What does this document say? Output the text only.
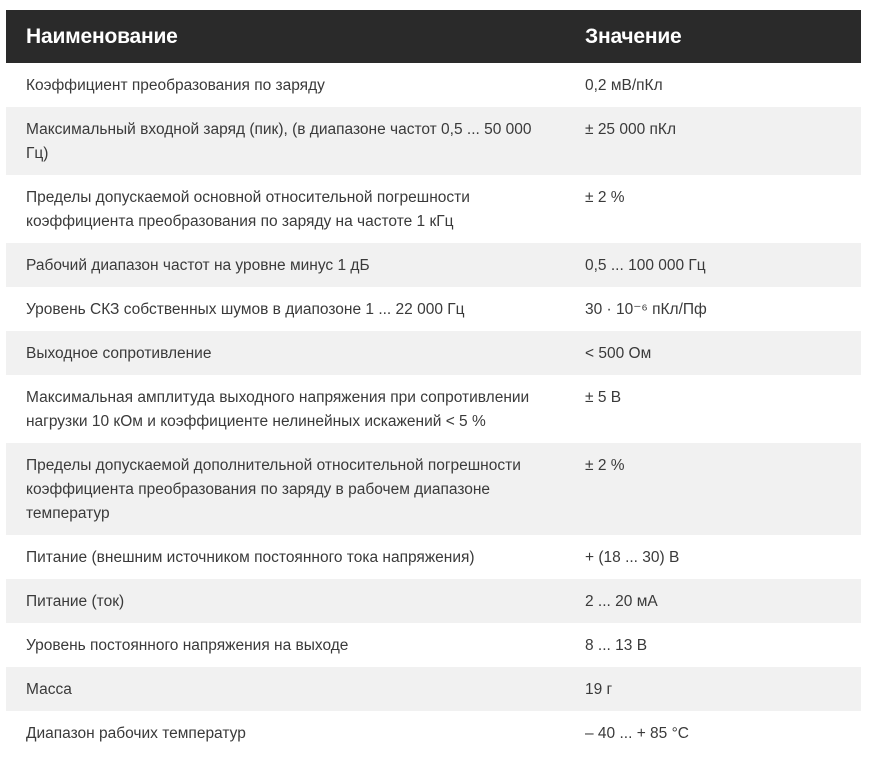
Наименование	Значение
Коэффициент преобразования по заряду	0,2 мВ/пКл
Максимальный входной заряд (пик), (в диапазоне частот 0,5 ... 50 000 Гц)	± 25 000 пКл
Пределы допускаемой основной относительной погрешности коэффициента преобразования по заряду на частоте 1 кГц	± 2 %
Рабочий диапазон частот на уровне минус 1 дБ	0,5 ... 100 000 Гц
Уровень СКЗ собственных шумов в диапозоне 1 ... 22 000 Гц	30 · 10⁻⁶ пКл/Пф
Выходное сопротивление	< 500 Ом
Максимальная амплитуда выходного напряжения при сопротивлении нагрузки 10 кОм и коэффициенте нелинейных искажений < 5 %	± 5 В
Пределы допускаемой дополнительной относительной погрешности коэффициента преобразования по заряду в рабочем диапазоне температур	± 2 %
Питание (внешним источником постоянного тока напряжения)	+ (18 ... 30) В
Питание (ток)	2 ... 20 мА
Уровень постоянного напряжения на выходе	8 ... 13 В
Масса	19 г
Диапазон рабочих температур	– 40 ... + 85 °C
